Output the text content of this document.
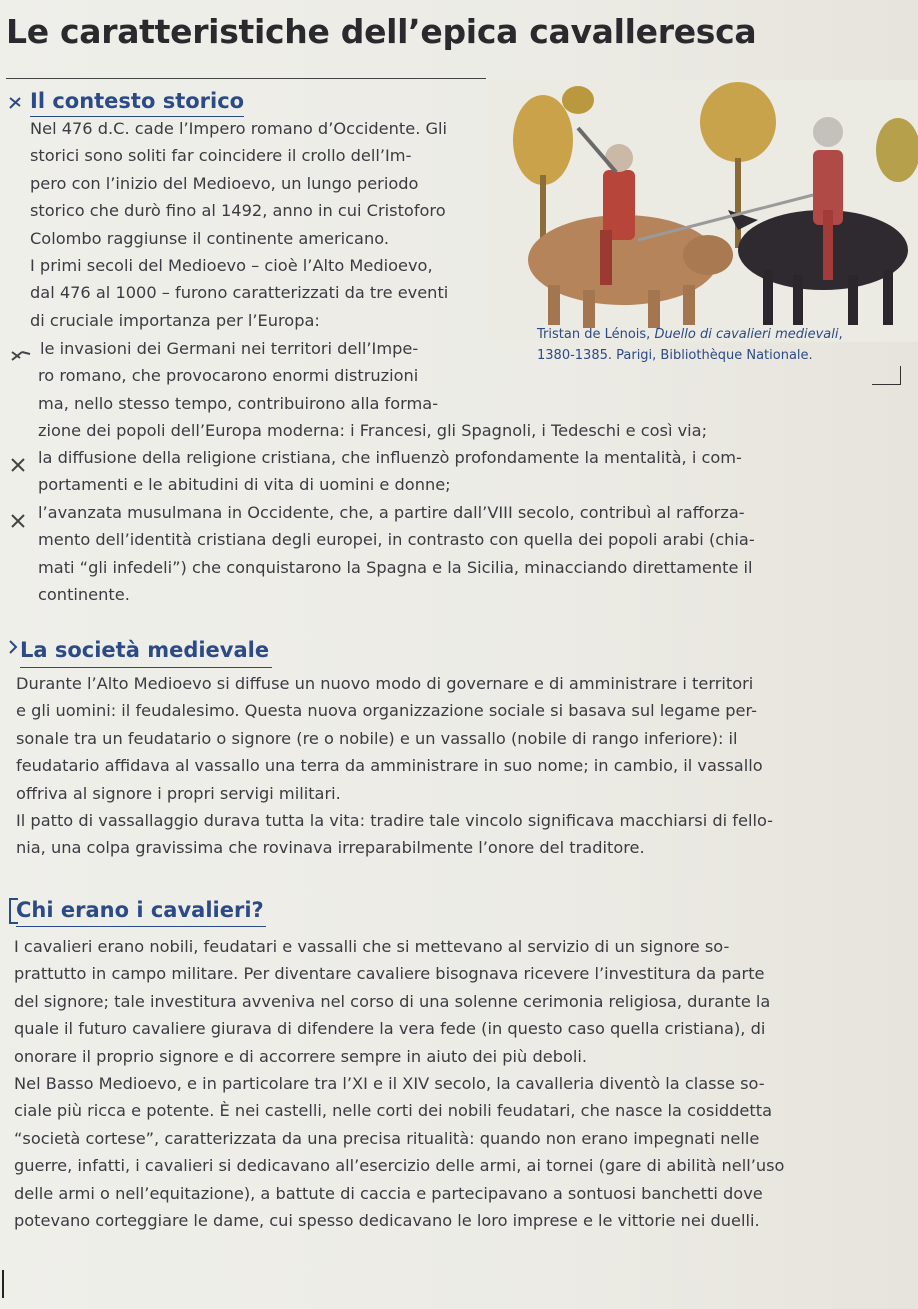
Le caratteristiche dell’epica cavalleresca
Il contesto storico

Nel 476 d.C. cade l’Impero romano d’Occidente. Gli

storici sono soliti far coincidere il crollo dell’Im-

pero con l’inizio del Medioevo, un lungo periodo

storico che durò fino al 1492, anno in cui Cristoforo

Colombo raggiunse il continente americano.

I primi secoli del Medioevo – cioè l’Alto Medioevo,

dal 476 al 1000 – furono caratterizzati da tre eventi

di cruciale importanza per l’Europa:

Tristan de Lénois, Duello di cavalieri medievali,
1380-1385. Parigi, Bibliothèque Nationale.

le invasioni dei Germani nei territori dell’Impe-

ro romano, che provocarono enormi distruzioni

ma, nello stesso tempo, contribuirono alla forma-

zione dei popoli dell’Europa moderna: i Francesi, gli Spagnoli, i Tedeschi e così via;

la diffusione della religione cristiana, che influenzò profondamente la mentalità, i com-

portamenti e le abitudini di vita di uomini e donne;

l’avanzata musulmana in Occidente, che, a partire dall’VIII secolo, contribuì al rafforza-

mento dell’identità cristiana degli europei, in contrasto con quella dei popoli arabi (chia-

mati “gli infedeli”) che conquistarono la Spagna e la Sicilia, minacciando direttamente il

continente.

La società medievale

Durante l’Alto Medioevo si diffuse un nuovo modo di governare e di amministrare i territori

e gli uomini: il feudalesimo. Questa nuova organizzazione sociale si basava sul legame per-

sonale tra un feudatario o signore (re o nobile) e un vassallo (nobile di rango inferiore): il

feudatario affidava al vassallo una terra da amministrare in suo nome; in cambio, il vassallo

offriva al signore i propri servigi militari.

Il patto di vassallaggio durava tutta la vita: tradire tale vincolo significava macchiarsi di fello-

nia, una colpa gravissima che rovinava irreparabilmente l’onore del traditore.

Chi erano i cavalieri?

I cavalieri erano nobili, feudatari e vassalli che si mettevano al servizio di un signore so-

prattutto in campo militare. Per diventare cavaliere bisognava ricevere l’investitura da parte

del signore; tale investitura avveniva nel corso di una solenne cerimonia religiosa, durante la

quale il futuro cavaliere giurava di difendere la vera fede (in questo caso quella cristiana), di

onorare il proprio signore e di accorrere sempre in aiuto dei più deboli.

Nel Basso Medioevo, e in particolare tra l’XI e il XIV secolo, la cavalleria diventò la classe so-

ciale più ricca e potente. È nei castelli, nelle corti dei nobili feudatari, che nasce la cosiddetta

“società cortese”, caratterizzata da una precisa ritualità: quando non erano impegnati nelle

guerre, infatti, i cavalieri si dedicavano all’esercizio delle armi, ai tornei (gare di abilità nell’uso

delle armi o nell’equitazione), a battute di caccia e partecipavano a sontuosi banchetti dove

potevano corteggiare le dame, cui spesso dedicavano le loro imprese e le vittorie nei duelli.
